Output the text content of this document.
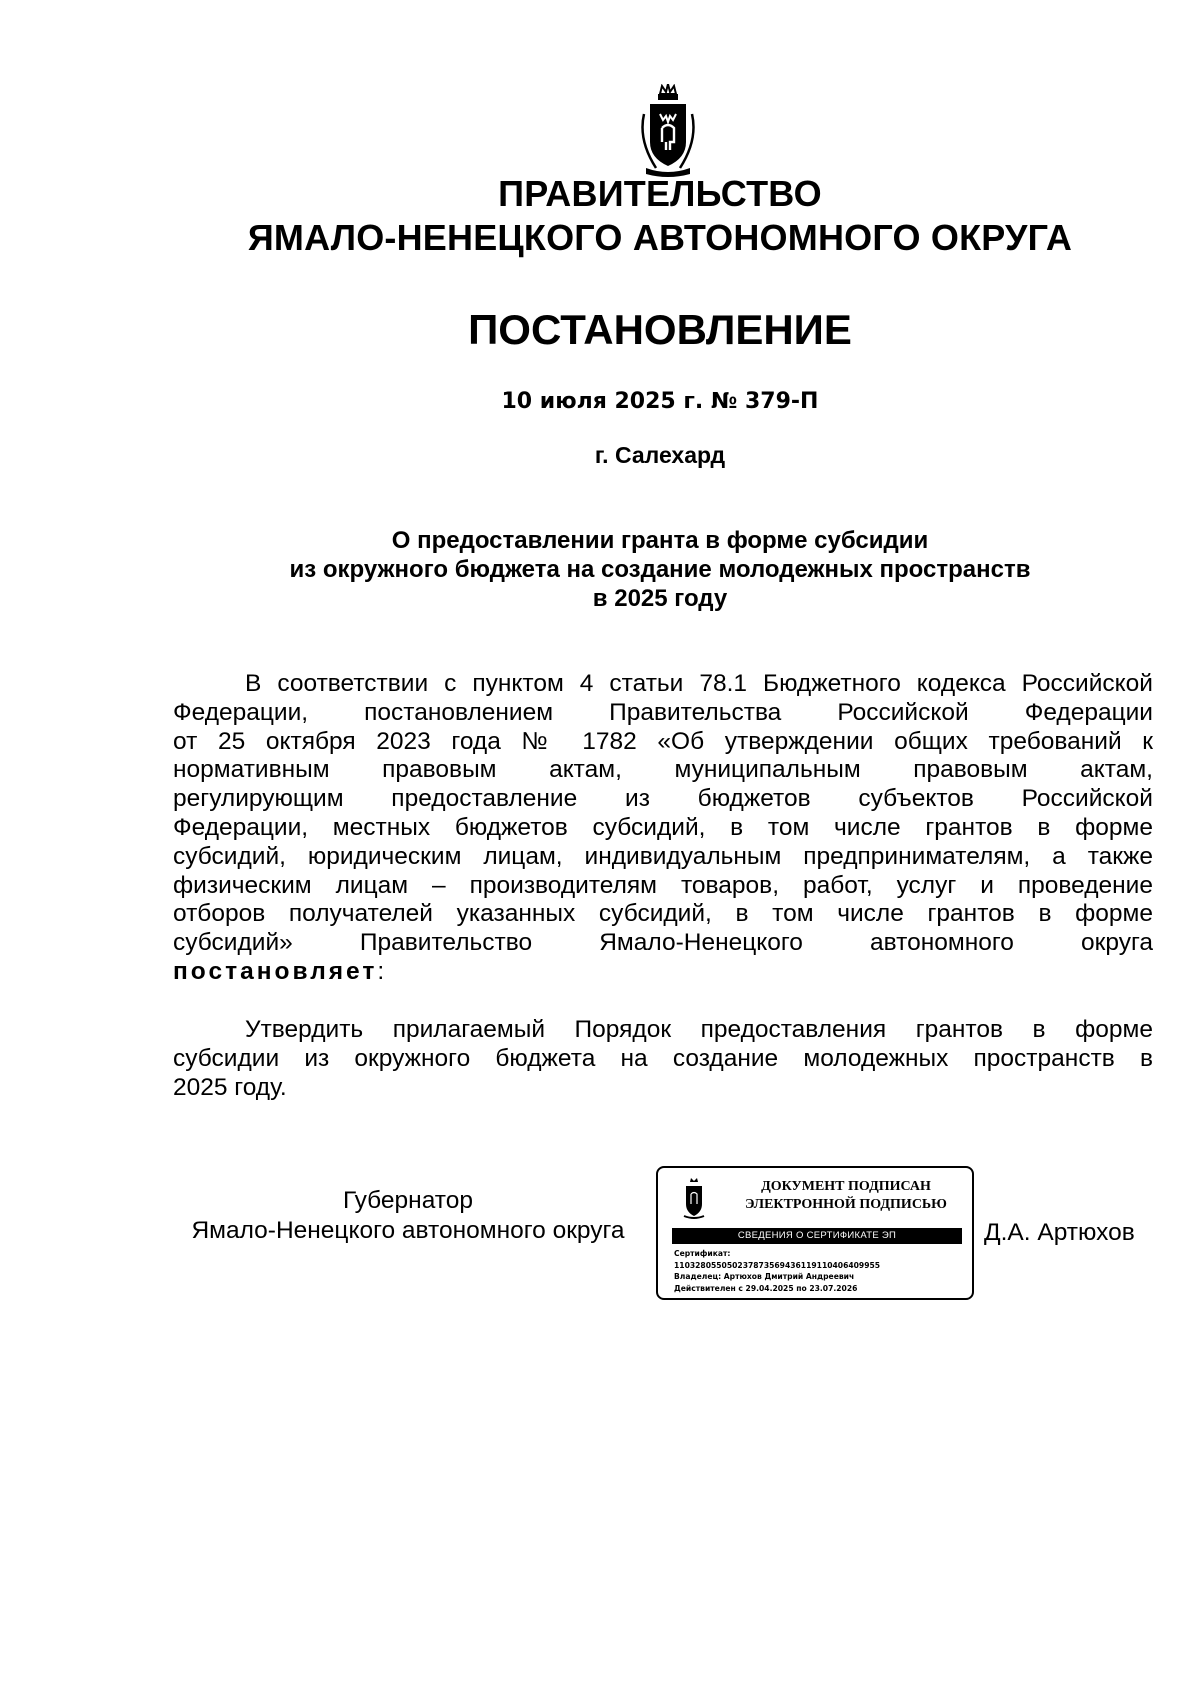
ПРАВИТЕЛЬСТВО
ЯМАЛО-НЕНЕЦКОГО АВТОНОМНОГО ОКРУГА
ПОСТАНОВЛЕНИЕ
10 июля 2025 г. № 379-П
г. Салехард
О предоставлении гранта в форме субсидии
из окружного бюджета на создание молодежных пространств
в 2025 году
В соответствии с пунктом 4 статьи 78.1 Бюджетного кодекса Российской
Федерации, постановлением Правительства Российской Федерации
от 25 октября 2023 года № 1782 «Об утверждении общих требований к
нормативным правовым актам, муниципальным правовым актам,
регулирующим предоставление из бюджетов субъектов Российской
Федерации, местных бюджетов субсидий, в том числе грантов в форме
субсидий, юридическим лицам, индивидуальным предпринимателям, а также
физическим лицам – производителям товаров, работ, услуг и проведение
отборов получателей указанных субсидий, в том числе грантов в форме
субсидий» Правительство Ямало-Ненецкого автономного округа
постановляет:
Утвердить прилагаемый Порядок предоставления грантов в форме
субсидии из окружного бюджета на создание молодежных пространств в
2025 году.
Губернатор
Ямало-Ненецкого автономного округа
ДОКУМЕНТ ПОДПИСАН
ЭЛЕКТРОННОЙ ПОДПИСЬЮ
СВЕДЕНИЯ О СЕРТИФИКАТЕ ЭП
Сертификат:
110328055050237873569436119110406409955
Владелец: Артюхов Дмитрий Андреевич
Действителен с 29.04.2025 по 23.07.2026
Д.А. Артюхов
